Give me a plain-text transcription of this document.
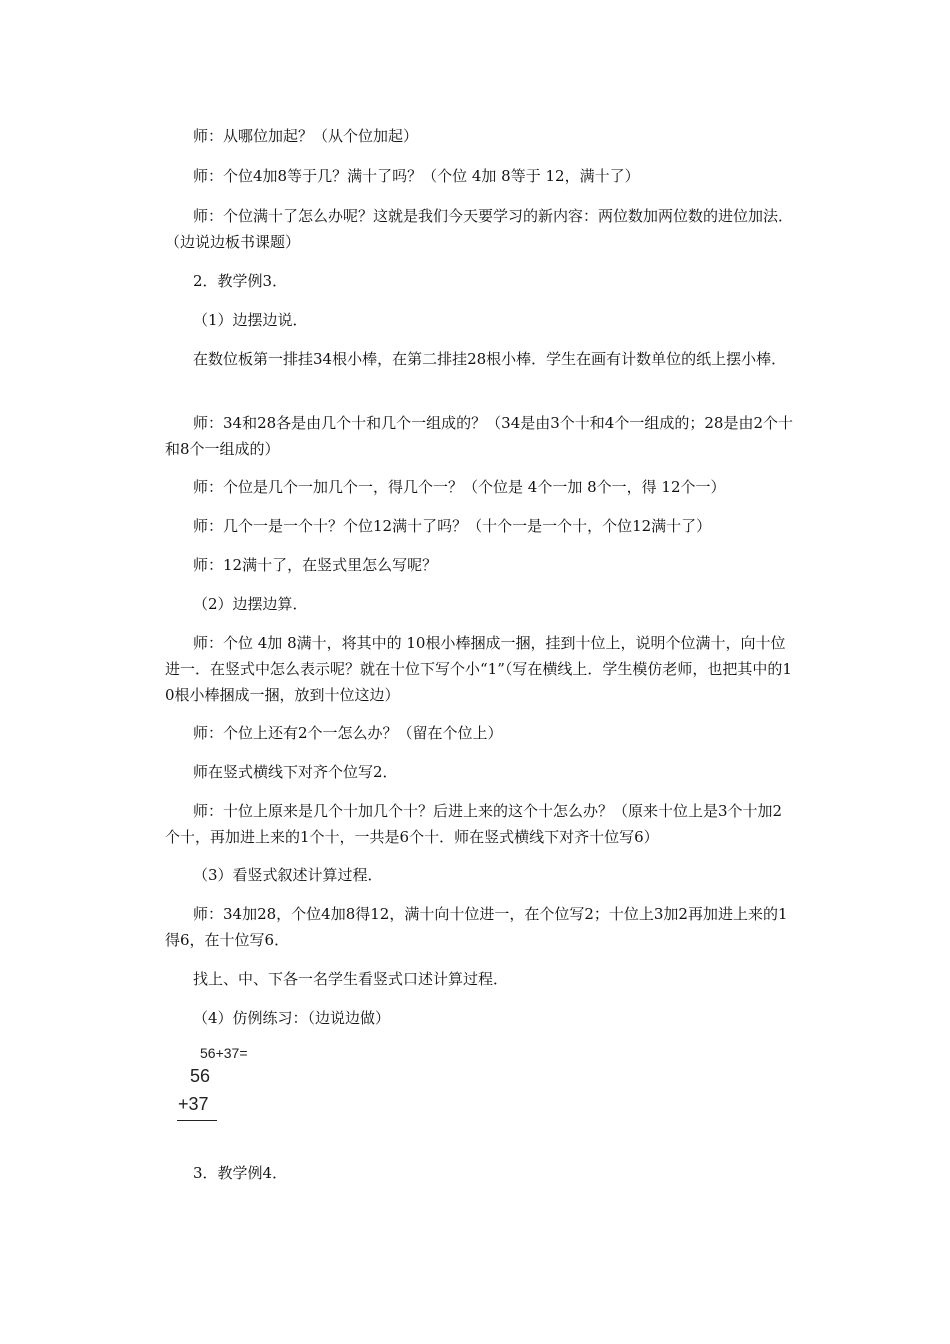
师：从哪位加起？（从个位加起）
师：个位4加8等于几？满十了吗？（个位 4加 8等于 12，满十了）
师：个位满十了怎么办呢？这就是我们今天要学习的新内容：两位数加两位数的进位加法．（边说边板书课题）
2．教学例3．
（1）边摆边说．
在数位板第一排挂34根小棒，在第二排挂28根小棒．学生在画有计数单位的纸上摆小棒．
师：34和28各是由几个十和几个一组成的？（34是由3个十和4个一组成的；28是由2个十和8个一组成的）
师：个位是几个一加几个一，得几个一？（个位是 4个一加 8个一，得 12个一）
师：几个一是一个十？个位12满十了吗？（十个一是一个十，个位12满十了）
师：12满十了，在竖式里怎么写呢？
（2）边摆边算．
师：个位 4加 8满十，将其中的 10根小棒捆成一捆，挂到十位上，说明个位满十，向十位进一．在竖式中怎么表示呢？就在十位下写个小“1”（写在横线上．学生模仿老师，也把其中的10根小棒捆成一捆，放到十位这边）
师：个位上还有2个一怎么办？（留在个位上）
师在竖式横线下对齐个位写2．
师：十位上原来是几个十加几个十？后进上来的这个十怎么办？（原来十位上是3个十加2个十，再加进上来的1个十，一共是6个十．师在竖式横线下对齐十位写6）
（3）看竖式叙述计算过程．
师：34加28，个位4加8得12，满十向十位进一，在个位写2；十位上3加2再加进上来的1得6，在十位写6．
找上、中、下各一名学生看竖式口述计算过程．
（4）仿例练习：（边说边做）
56+37=
56
+37
3．教学例4．
